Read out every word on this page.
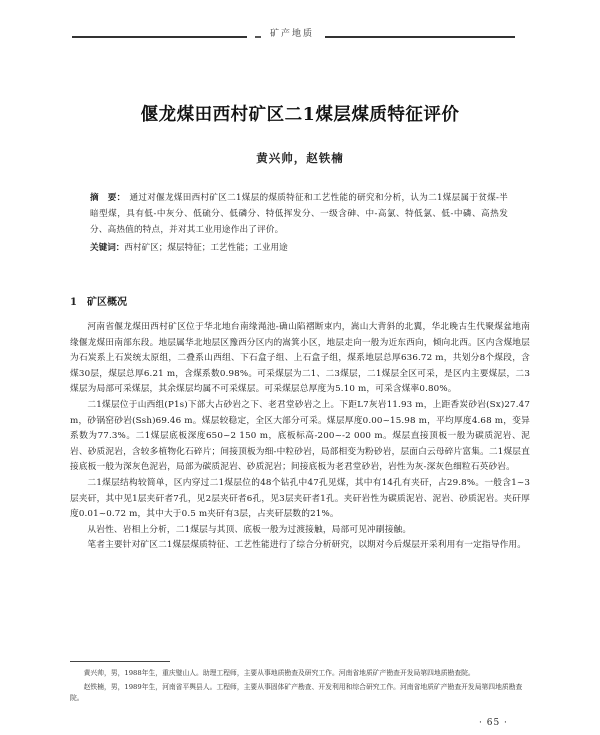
矿产地质
偃龙煤田西村矿区二1煤层煤质特征评价
黄兴帅，赵铁楠
摘　要： 通过对偃龙煤田西村矿区二1煤层的煤质特征和工艺性能的研究和分析，认为二1煤层属于贫煤-半暗型煤，具有低-中灰分、低硫分、低磷分、特低挥发分、一级含砷、中-高氯、特低氯、低-中磷、高热发分、高热值的特点，并对其工业用途作出了评价。
关键词：西村矿区；煤层特征；工艺性能；工业用途
1 矿区概况

河南省偃龙煤田西村矿区位于华北地台南缘渑池-确山陷褶断束内，嵩山大背斜的北翼，华北晚古生代聚煤盆地南缘偃龙煤田南部东段。地层属华北地层区豫西分区内的嵩箕小区，地层走向一般为近东西向，倾向北西。区内含煤地层为石炭系上石炭统太原组，二叠系山西组、下石盒子组、上石盒子组，煤系地层总厚636.72 m，共划分8个煤段，含煤30层，煤层总厚6.21 m，含煤系数0.98%。可采煤层为二1、二3煤层，二1煤层全区可采，是区内主要煤层，二3煤层为局部可采煤层，其余煤层均属不可采煤层。可采煤层总厚度为5.10 m，可采含煤率0.80%。

二1煤层位于山西组(P1s)下部大占砂岩之下、老君堂砂岩之上。下距L7灰岩11.93 m，上距香炭砂岩(Sx)27.47 m，砂锅窑砂岩(Ssh)69.46 m。煤层较稳定，全区大部分可采。煤层厚度0.00~15.98 m，平均厚度4.68 m，变异系数为77.3%。二1煤层底板深度650~2 150 m，底板标高-200~-2 000 m。煤层直接顶板一般为碳质泥岩、泥岩、砂质泥岩，含较多植物化石碎片；间接顶板为细-中粒砂岩，局部相变为粉砂岩，层面白云母碎片富集。二1煤层直接底板一般为深灰色泥岩，局部为碳质泥岩、砂质泥岩；间接底板为老君堂砂岩，岩性为灰-深灰色细粒石英砂岩。

二1煤层结构较简单，区内穿过二1煤层位的48个钻孔中47孔见煤，其中有14孔有夹矸，占29.8%。一般含1~3层夹矸，其中见1层夹矸者7孔，见2层夹矸者6孔，见3层夹矸者1孔。夹矸岩性为碳质泥岩、泥岩、砂质泥岩。夹矸厚度0.01~0.72 m，其中大于0.5 m夹矸有3层，占夹矸层数的21%。

从岩性、岩相上分析，二1煤层与其顶、底板一般为过渡接触，局部可见冲刷接触。

笔者主要针对矿区二1煤层煤质特征、工艺性能进行了综合分析研究，以期对今后煤层开采利用有一定指导作用。

黄兴帅，男，1988年生，重庆璧山人。助理工程师，主要从事地质勘查及研究工作。河南省地质矿产勘查开发局第四地质勘查院。

赵铁楠，男，1989年生，河南省平舆县人。工程师，主要从事固体矿产勘查、开发利用和综合研究工作。河南省地质矿产勘查开发局第四地质勘查院。

· 65 ·
